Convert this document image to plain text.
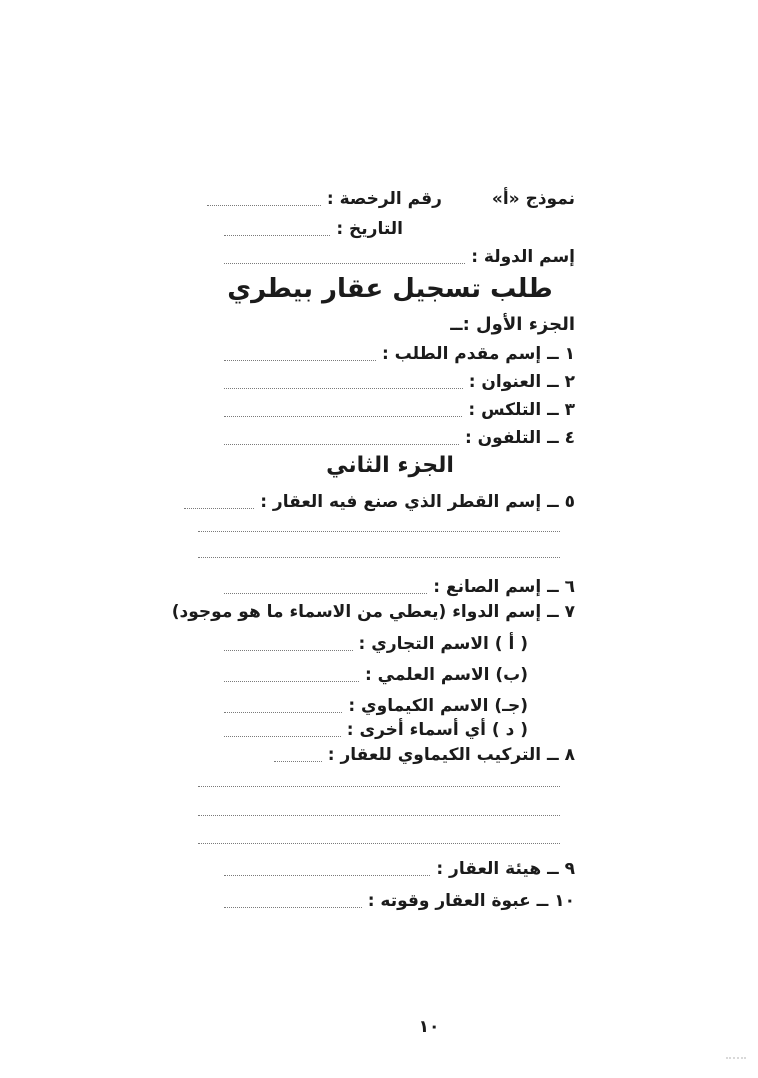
نموذج «أ»
رقم الرخصة :
التاريخ :
إسم الدولة :
طلب تسجيل عقار بيطري
الجزء الأول :ــ
١ ــ إسم مقدم الطلب :
٢ ــ العنوان :
٣ ــ التلكس :
٤ ــ التلفون :
الجزء الثاني
٥ ــ إسم القطر الذي صنع فيه العقار :
٦ ــ إسم الصانع :
٧ ــ إسم الدواء (يعطي من الاسماء ما هو موجود)
( أ ) الاسم التجاري :
(ب) الاسم العلمي :
(جـ) الاسم الكيماوي :
( د ) أي أسماء أخرى :
٨ ــ التركيب الكيماوي للعقار :
٩ ــ هيئة العقار :
١٠ ــ عبوة العقار وقوته :
١٠
